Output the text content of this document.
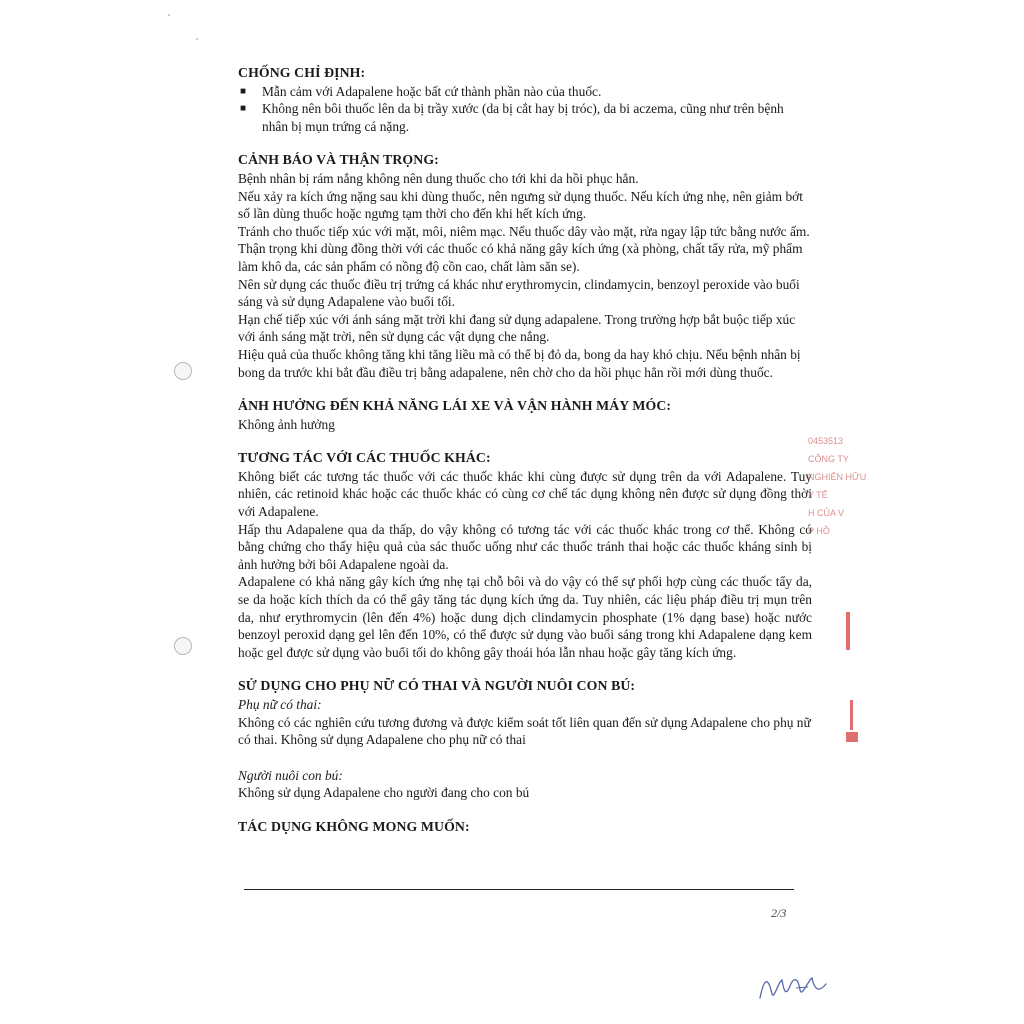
CHỐNG CHỈ ĐỊNH:
■ Mẫn cảm với Adapalene hoặc bất cứ thành phần nào của thuốc.
■ Không nên bôi thuốc lên da bị trầy xước (da bị cắt hay bị tróc), da bi aczema, cũng như trên bệnh nhân bị mụn trứng cá nặng.
CẢNH BÁO VÀ THẬN TRỌNG:

Bệnh nhân bị rám nắng không nên dung thuốc cho tới khi da hồi phục hẳn.

Nếu xảy ra kích ứng nặng sau khi dùng thuốc, nên ngưng sử dụng thuốc. Nếu kích ứng nhẹ, nên giảm bớt số lần dùng thuốc hoặc ngưng tạm thời cho đến khi hết kích ứng.

Tránh cho thuốc tiếp xúc với mặt, môi, niêm mạc. Nếu thuốc dây vào mặt, rửa ngay lập tức bằng nước ấm.

Thận trọng khi dùng đồng thời với các thuốc có khả năng gây kích ứng (xà phòng, chất tẩy rửa, mỹ phẩm làm khô da, các sản phẩm có nồng độ cồn cao, chất làm săn se).

Nên sử dụng các thuốc điều trị trứng cá khác như erythromycin, clindamycin, benzoyl peroxide vào buổi sáng và sử dụng Adapalene vào buổi tối.

Hạn chế tiếp xúc với ánh sáng mặt trời khi đang sử dụng adapalene. Trong trường hợp bắt buộc tiếp xúc với ánh sáng mặt trời, nên sử dụng các vật dụng che nắng.

Hiệu quả của thuốc không tăng khi tăng liều mà có thể bị đỏ da, bong da hay khó chịu. Nếu bệnh nhân bị bong da trước khi bắt đầu điều trị bằng adapalene, nên chờ cho da hồi phục hẳn rồi mới dùng thuốc.

ẢNH HƯỞNG ĐẾN KHẢ NĂNG LÁI XE VÀ VẬN HÀNH MÁY MÓC:

Không ảnh hưởng

TƯƠNG TÁC VỚI CÁC THUỐC KHÁC:

Không biết các tương tác thuốc với các thuốc khác khi cùng được sử dụng trên da với Adapalene. Tuy nhiên, các retinoid khác hoặc các thuốc khác có cùng cơ chế tác dụng không nên được sử dụng đồng thời với Adapalene.

Hấp thu Adapalene qua da thấp, do vậy không có tương tác với các thuốc khác trong cơ thể. Không có bằng chứng cho thấy hiệu quả của sác thuốc uống như các thuốc tránh thai hoặc các thuốc kháng sinh bị ảnh hưởng bởi bôi Adapalene ngoài da.

Adapalene có khả năng gây kích ứng nhẹ tại chỗ bôi và do vậy có thể sự phối hợp cùng các thuốc tẩy da, se da hoặc kích thích da có thể gây tăng tác dụng kích ứng da. Tuy nhiên, các liệu pháp điều trị mụn trên da, như erythromycin (lên đến 4%) hoặc dung dịch clindamycin phosphate (1% dạng base) hoặc nước benzoyl peroxid dạng gel lên đến 10%, có thể được sử dụng vào buổi sáng trong khi Adapalene dạng kem hoặc gel được sử dụng vào buổi tối do không gây thoái hóa lẫn nhau hoặc gây tăng kích ứng.

SỬ DỤNG CHO PHỤ NỮ CÓ THAI VÀ NGƯỜI NUÔI CON BÚ:

Phụ nữ có thai:

Không có các nghiên cứu tương đương và được kiểm soát tốt liên quan đến sử dụng Adapalene cho phụ nữ có thai. Không sử dụng Adapalene cho phụ nữ có thai

Người nuôi con bú:

Không sử dụng Adapalene cho người đang cho con bú

TÁC DỤNG KHÔNG MONG MUỐN:
2/3
0453513
CÔNG TY
NGHIÊN HỮU
Y TẾ
H CỦA V
P HỒ
